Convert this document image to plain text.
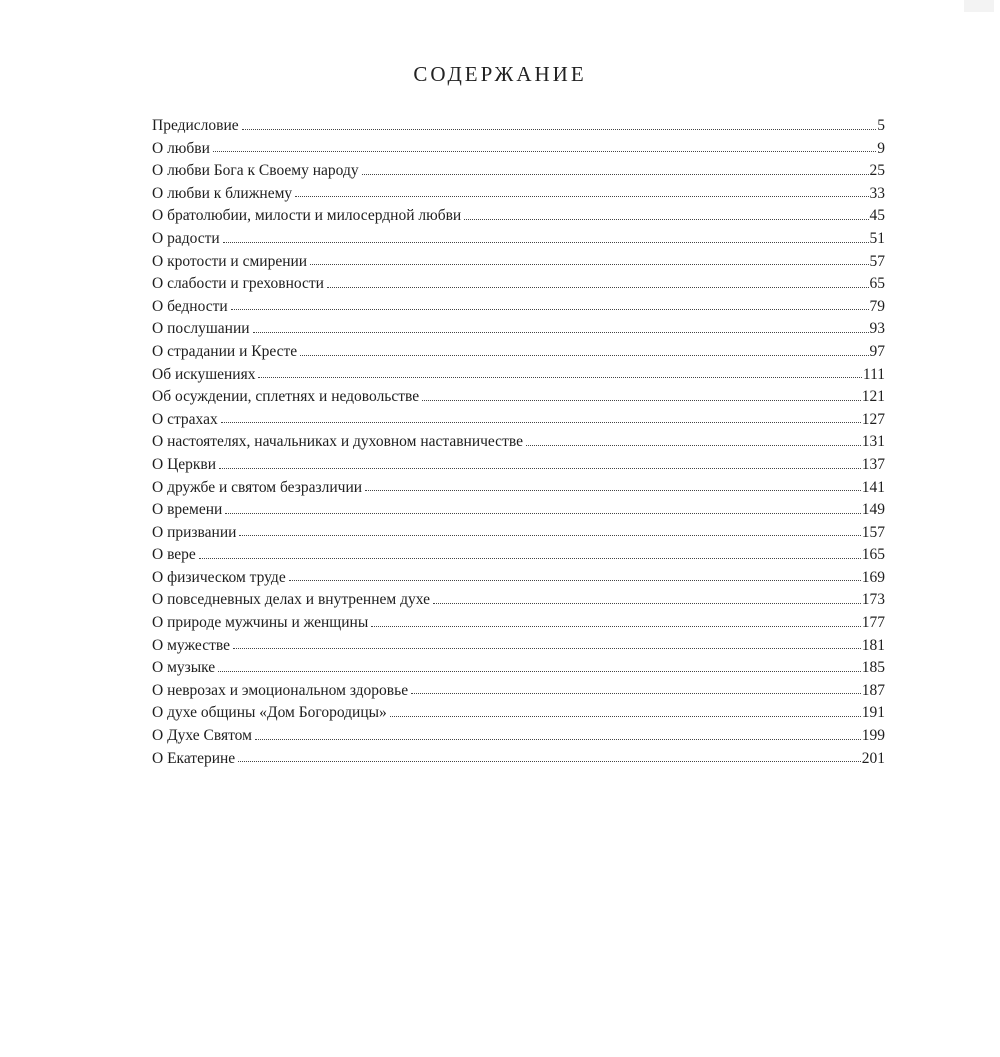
СОДЕРЖАНИЕ
Предисловие	5
О любви	9
О любви Бога к Своему народу	25
О любви к ближнему	33
О братолюбии, милости и милосердной любви	45
О радости	51
О кротости и смирении	57
О слабости и греховности	65
О бедности	79
О послушании	93
О страдании и Кресте	97
Об искушениях	111
Об осуждении, сплетнях и недовольстве	121
О страхах	127
О настоятелях, начальниках и духовном наставничестве	131
О Церкви	137
О дружбе и святом безразличии	141
О времени	149
О призвании	157
О вере	165
О физическом труде	169
О повседневных делах и внутреннем духе	173
О природе мужчины и женщины	177
О мужестве	181
О музыке	185
О неврозах и эмоциональном здоровье	187
О духе общины «Дом Богородицы»	191
О Духе Святом	199
О Екатерине	201
